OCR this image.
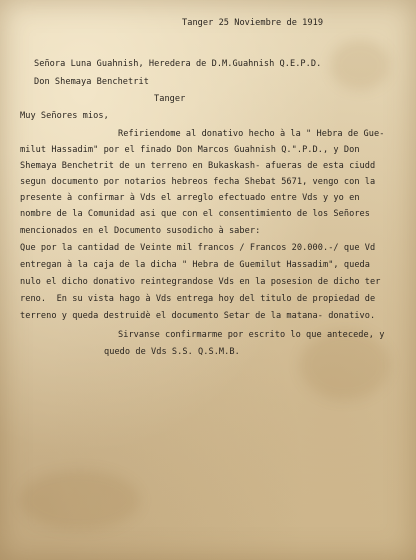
Tanger 25 Noviembre de 1919
Señora Luna Guahnish, Heredera de D.M.Guahnish Q.E.P.D.
Don Shemaya Benchetrit
Tanger
Muy Señores mios,
Refiriendome al donativo hecho à la " Hebra de Gue-
milut Hassadim" por el finado Don Marcos Guahnish Q.".P.D., y Don
Shemaya Benchetrit de un terreno en Bukaskash- afueras de esta ciudd
segun documento por notarios hebreos fecha Shebat 5671, vengo con la
presente à confirmar à Vds el arreglo efectuado entre Vds y yo en
nombre de la Comunidad asi que con el consentimiento de los Señores
mencionados en el Documento susodicho à saber:
Que por la cantidad de Veinte mil francos / Francos 20.000.-/ que Vd
entregan à la caja de la dicha " Hebra de Guemilut Hassadim", queda
nulo el dicho donativo reintegrandose Vds en la posesion de dicho ter
reno.  En su vista hago à Vds entrega hoy del titulo de propiedad de
terreno y queda destruidè el documento Setar de la matana- donativo.
Sirvanse confirmarme por escrito lo que antecede, y
quedo de Vds S.S. Q.S.M.B.
